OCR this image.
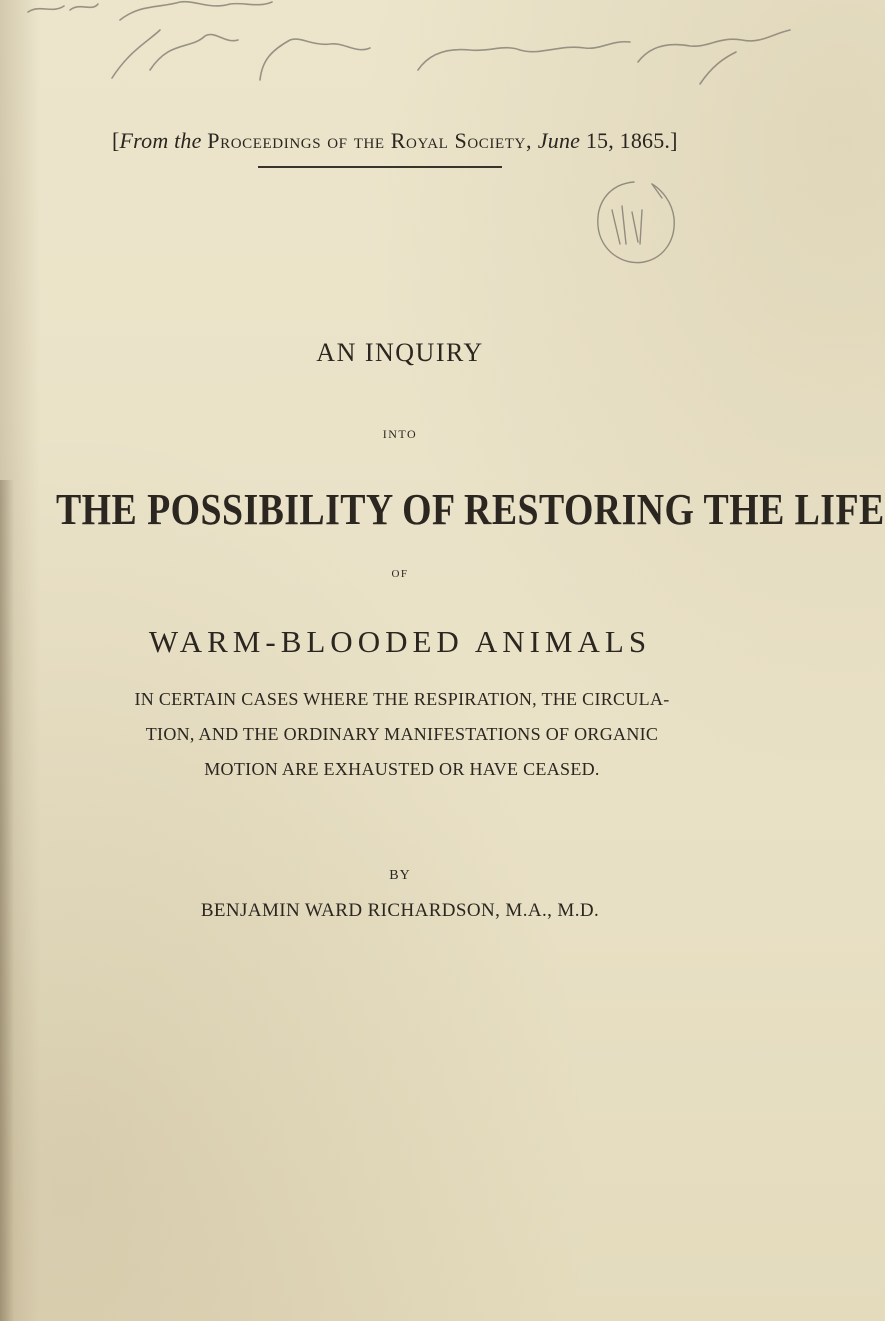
[From the Proceedings of the Royal Society, June 15, 1865.]
AN INQUIRY
INTO
THE POSSIBILITY OF RESTORING THE LIFE
OF
WARM-BLOODED ANIMALS
IN CERTAIN CASES WHERE THE RESPIRATION, THE CIRCULA-
TION, AND THE ORDINARY MANIFESTATIONS OF ORGANIC
MOTION ARE EXHAUSTED OR HAVE CEASED.
BY
BENJAMIN WARD RICHARDSON, M.A., M.D.
